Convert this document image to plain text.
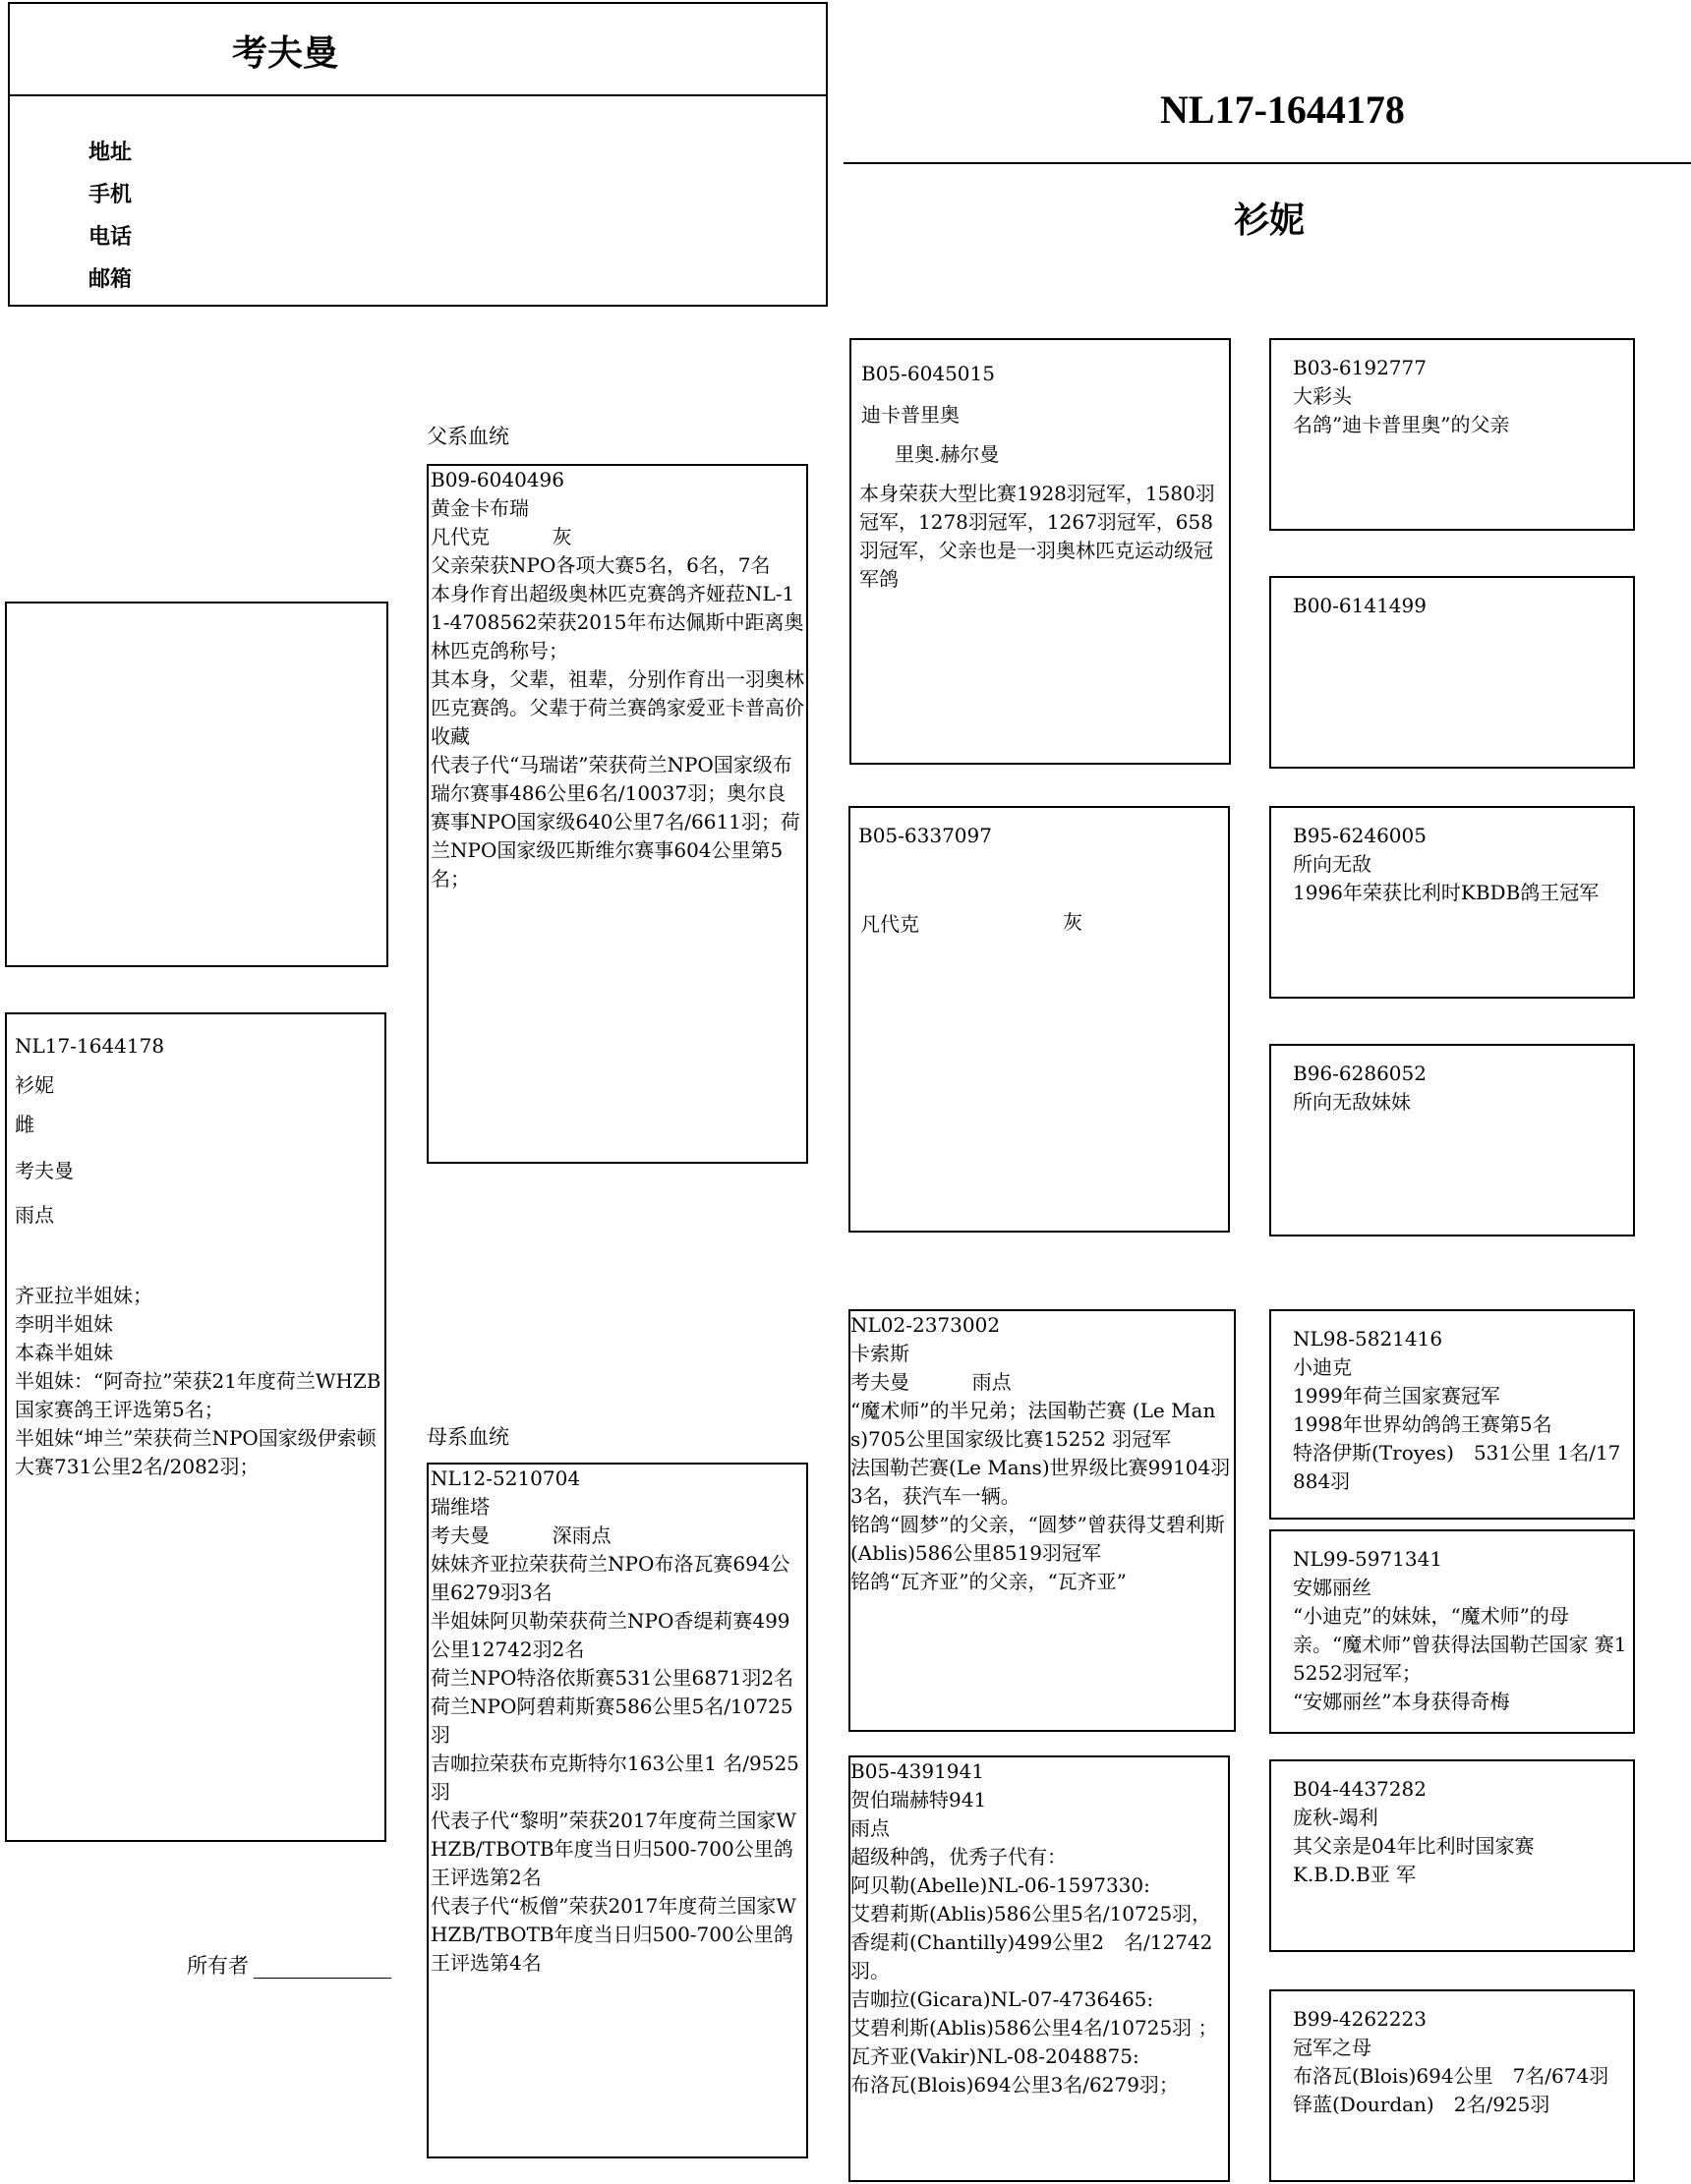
考夫曼
地址
手机
电话
邮箱
NL17-1644178
衫妮
NL17-1644178
衫妮
雌
考夫曼
雨点
齐亚拉半姐妹；
李明半姐妹
本森半姐妹
半姐妹：“阿奇拉”荣获21年度荷兰WHZB国家赛鸽王评选第5名；
半姐妹“坤兰”荣获荷兰NPO国家级伊索顿大赛731公里2名/2082羽；
所有者
父系血统
母系血统
B09-6040496
黄金卡布瑞
凡代克          灰
父亲荣获NPO各项大赛5名，6名，7名
本身作育出超级奥林匹克赛鸽齐娅菈NL-11-4708562荣获2015年布达佩斯中距离奥林匹克鸽称号；
其本身，父辈，祖辈，分别作育出一羽奥林匹克赛鸽。父辈于荷兰赛鸽家爱亚卡普高价收藏
代表子代“马瑞诺”荣获荷兰NPO国家级布瑞尔赛事486公里6名/10037羽；奥尔良赛事NPO国家级640公里7名/6611羽；荷兰NPO国家级匹斯维尔赛事604公里第5名；
NL12-5210704
瑞维塔
考夫曼          深雨点
妹妹齐亚拉荣获荷兰NPO布洛瓦赛694公里6279羽3名
半姐妹阿贝勒荣获荷兰NPO香缇莉赛499公里12742羽2名
荷兰NPO特洛依斯赛531公里6871羽2名
荷兰NPO阿碧莉斯赛586公里5名/10725羽
吉咖拉荣获布克斯特尔163公里1 名/9525羽
代表子代“黎明”荣获2017年度荷兰国家WHZB/TBOTB年度当日归500-700公里鸽王评选第2名
代表子代“板僧”荣获2017年度荷兰国家WHZB/TBOTB年度当日归500-700公里鸽王评选第4名
B05-6045015
迪卡普里奥
里奥.赫尔曼
本身荣获大型比赛1928羽冠军，1580羽冠军，1278羽冠军，1267羽冠军，658羽冠军，父亲也是一羽奥林匹克运动级冠军鸽
B05-6337097
凡代克	灰
NL02-2373002
卡索斯
考夫曼          雨点
“魔术师”的半兄弟；法国勒芒赛 (Le Mans)705公里国家级比赛15252 羽冠军
法国勒芒赛(Le Mans)世界级比赛99104羽3名，获汽车一辆。
铭鸽“圆梦”的父亲，“圆梦”曾获得艾碧利斯(Ablis)586公里8519羽冠军
铭鸽“瓦齐亚”的父亲，“瓦齐亚”
B05-4391941
贺伯瑞赫特941
雨点
超级种鸽，优秀子代有：
阿贝勒(Abelle)NL-06-1597330:
艾碧莉斯(Ablis)586公里5名/10725羽，香缇莉(Chantilly)499公里2　名/12742羽。
吉咖拉(Gicara)NL-07-4736465:
艾碧利斯(Ablis)586公里4名/10725羽 ；
瓦齐亚(Vakir)NL-08-2048875:
布洛瓦(Blois)694公里3名/6279羽；
B03-6192777
大彩头
名鸽”迪卡普里奥”的父亲
B00-6141499
B95-6246005
所向无敌
1996年荣获比利时KBDB鸽王冠军
B96-6286052
所向无敌妹妹
NL98-5821416
小迪克
1999年荷兰国家赛冠军
1998年世界幼鸽鸽王赛第5名
特洛伊斯(Troyes)　531公里 1名/17884羽
NL99-5971341
安娜丽丝
“小迪克”的妹妹，“魔术师”的母 亲。“魔术师”曾获得法国勒芒国家 赛15252羽冠军；
“安娜丽丝”本身获得奇梅
B04-4437282
庞秋-竭利
其父亲是04年比利时国家赛
K.B.D.B亚 军
B99-4262223
冠军之母
布洛瓦(Blois)694公里　7名/674羽
铎蓝(Dourdan)　2名/925羽
